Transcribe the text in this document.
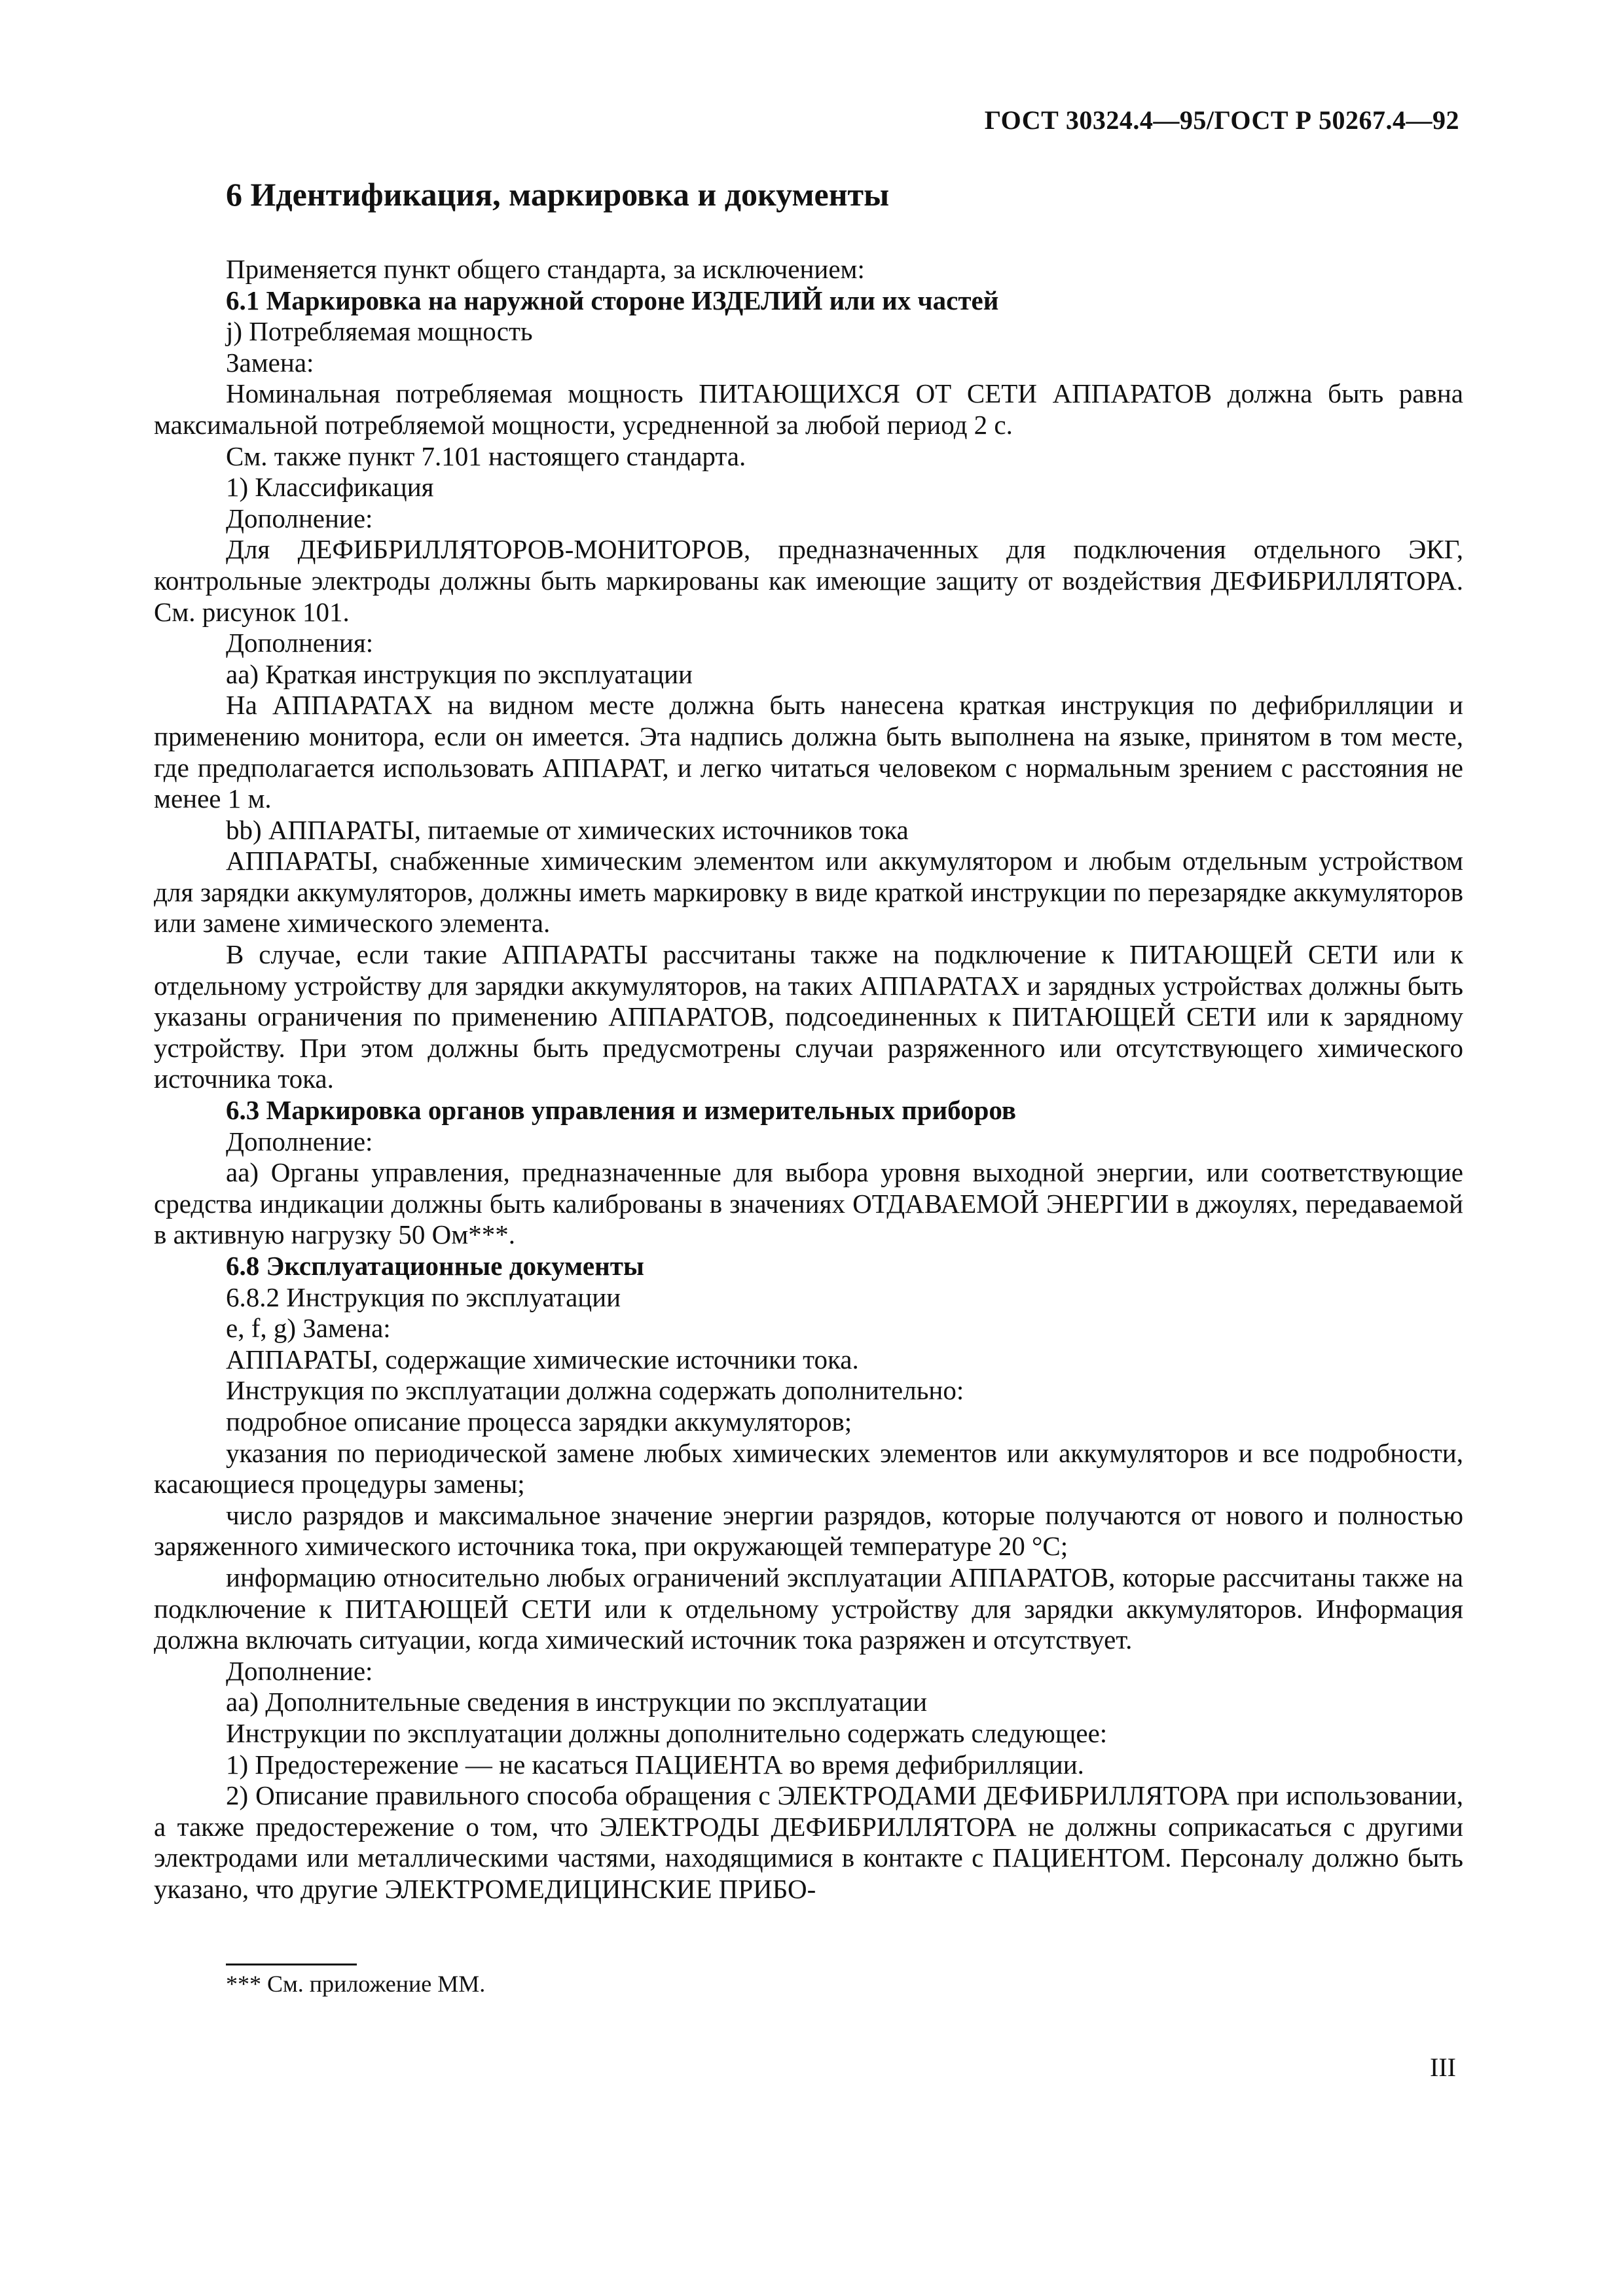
ГОСТ 30324.4—95/ГОСТ Р 50267.4—92
6 Идентификация, маркировка и документы

Применяется пункт общего стандарта, за исключением:

6.1 Маркировка на наружной стороне ИЗДЕЛИЙ или их частей

j) Потребляемая мощность

Замена:

Номинальная потребляемая мощность ПИТАЮЩИХСЯ ОТ СЕТИ АППАРАТОВ должна быть равна максимальной потребляемой мощности, усредненной за любой период 2 с.

См. также пункт 7.101 настоящего стандарта.

1) Классификация

Дополнение:

Для ДЕФИБРИЛЛЯТОРОВ-МОНИТОРОВ, предназначенных для подключения отдельного ЭКГ, контрольные электроды должны быть маркированы как имеющие защиту от воздействия ДЕФИБРИЛЛЯТОРА. См. рисунок 101.

Дополнения:

aa) Краткая инструкция по эксплуатации

На АППАРАТАХ на видном месте должна быть нанесена краткая инструкция по дефибрилляции и применению монитора, если он имеется. Эта надпись должна быть выполнена на языке, принятом в том месте, где предполагается использовать АППАРАТ, и легко читаться человеком с нормальным зрением с расстояния не менее 1 м.

bb) АППАРАТЫ, питаемые от химических источников тока

АППАРАТЫ, снабженные химическим элементом или аккумулятором и любым отдельным устройством для зарядки аккумуляторов, должны иметь маркировку в виде краткой инструкции по перезарядке аккумуляторов или замене химического элемента.

В случае, если такие АППАРАТЫ рассчитаны также на подключение к ПИТАЮЩЕЙ СЕТИ или к отдельному устройству для зарядки аккумуляторов, на таких АППАРАТАХ и зарядных устройствах должны быть указаны ограничения по применению АППАРАТОВ, подсоединенных к ПИТАЮЩЕЙ СЕТИ или к зарядному устройству. При этом должны быть предусмотрены случаи разряженного или отсутствующего химического источника тока.

6.3 Маркировка органов управления и измерительных приборов

Дополнение:

aa) Органы управления, предназначенные для выбора уровня выходной энергии, или соответствующие средства индикации должны быть калиброваны в значениях ОТДАВАЕМОЙ ЭНЕРГИИ в джоулях, передаваемой в активную нагрузку 50 Ом***.

6.8 Эксплуатационные документы

6.8.2 Инструкция по эксплуатации

e, f, g) Замена:

АППАРАТЫ, содержащие химические источники тока.

Инструкция по эксплуатации должна содержать дополнительно:

подробное описание процесса зарядки аккумуляторов;

указания по периодической замене любых химических элементов или аккумуляторов и все подробности, касающиеся процедуры замены;

число разрядов и максимальное значение энергии разрядов, которые получаются от нового и полностью заряженного химического источника тока, при окружающей температуре 20 °С;

информацию относительно любых ограничений эксплуатации АППАРАТОВ, которые рассчитаны также на подключение к ПИТАЮЩЕЙ СЕТИ или к отдельному устройству для зарядки аккумуляторов. Информация должна включать ситуации, когда химический источник тока разряжен и отсутствует.

Дополнение:

aa) Дополнительные сведения в инструкции по эксплуатации

Инструкции по эксплуатации должны дополнительно содержать следующее:

1) Предостережение — не касаться ПАЦИЕНТА во время дефибрилляции.

2) Описание правильного способа обращения с ЭЛЕКТРОДАМИ ДЕФИБРИЛЛЯТОРА при использовании, а также предостережение о том, что ЭЛЕКТРОДЫ ДЕФИБРИЛЛЯТОРА не должны соприкасаться с другими электродами или металлическими частями, находящимися в контакте с ПАЦИЕНТОМ. Персоналу должно быть указано, что другие ЭЛЕКТРОМЕДИЦИНСКИЕ ПРИБО-

*** См. приложение ММ.
III
